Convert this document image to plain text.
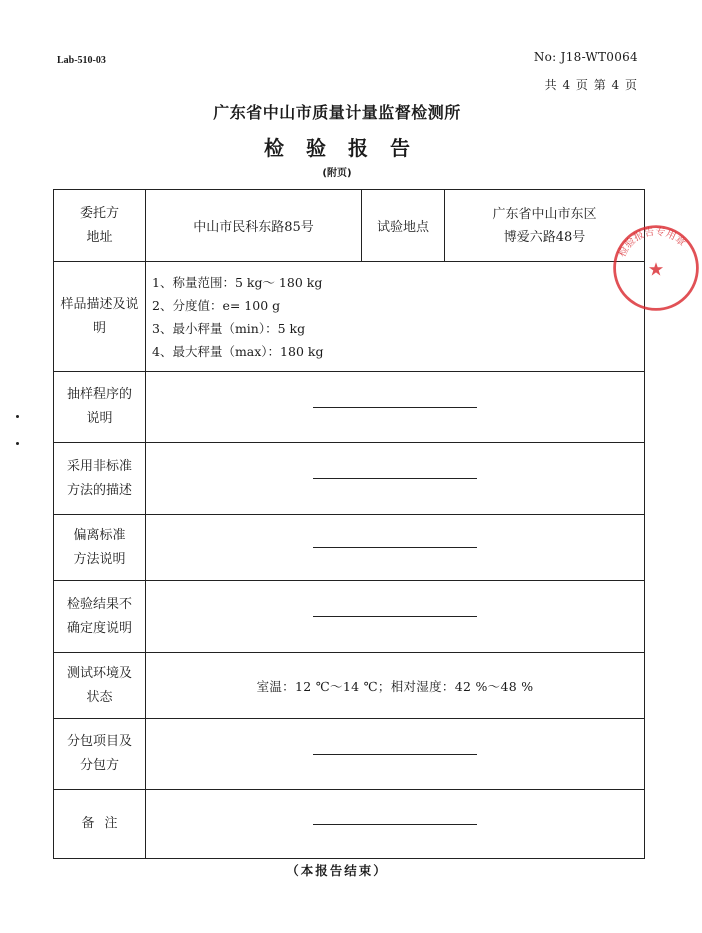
Lab-510-03	No: J18-WT0064
共 4 页 第 4 页
广东省中山市质量计量监督检测所
检验报告
(附页)
委托方地址	中山市民科东路85号	试验地点	广东省中山市东区
博爱六路48号

样品描述及说明	1、称量范围：5 kg～ 180 kg
2、分度值：e= 100 g
3、最小秤量（min）：5 kg
4、最大秤量（max）：180 kg		

抽样程序的说明			

采用非标准方法的描述			

偏离标准方法说明			

检验结果不确定度说明			

测试环境及状态	室温：12 ℃～14 ℃；相对湿度：42 %～48 %		
分包项目及分包方			

备注			
（本报告结束）
检验报告专用章
★
